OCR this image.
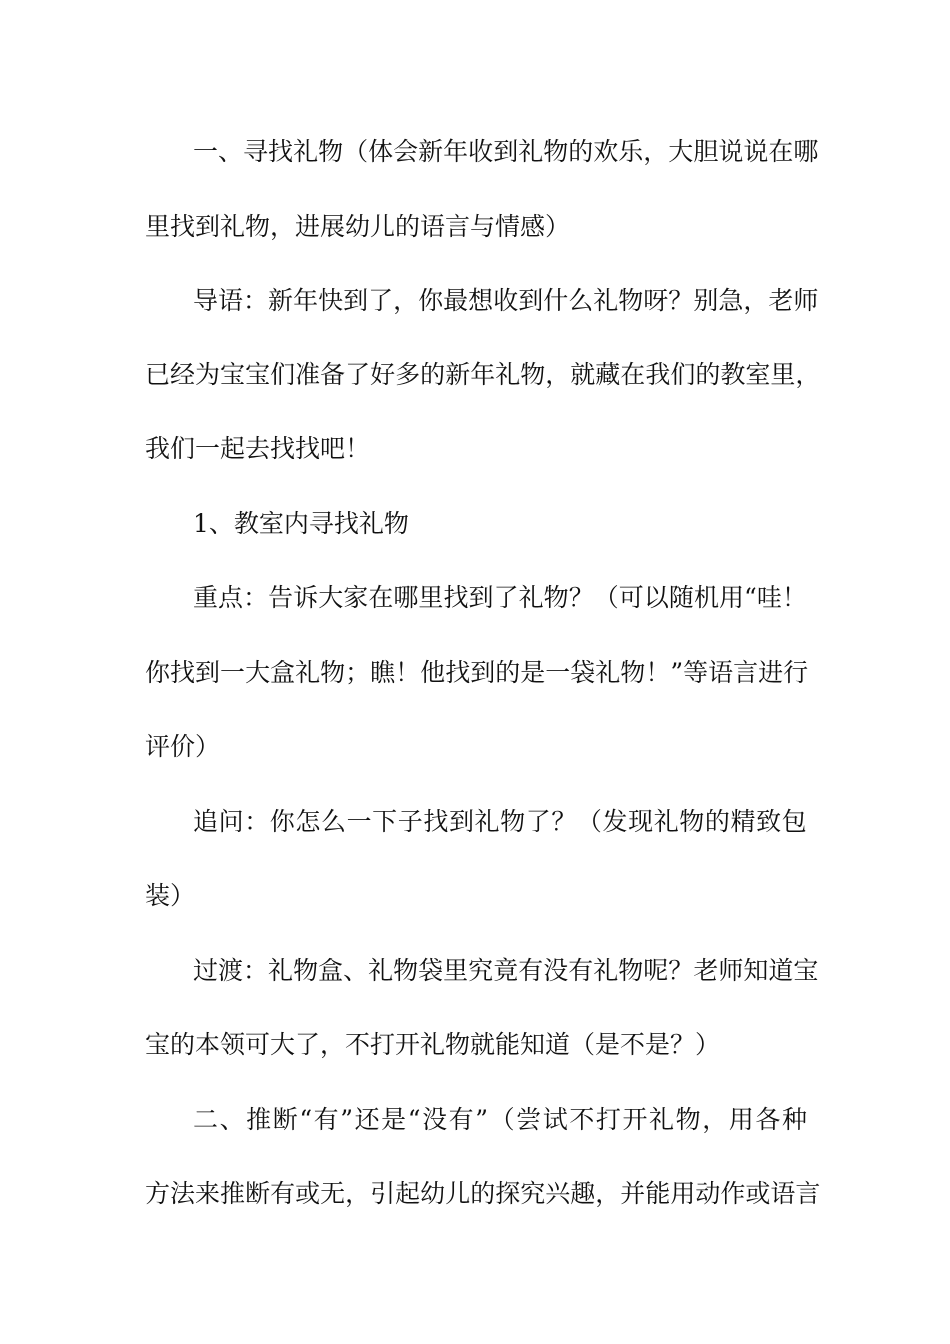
一 、 寻 找 礼 物 （ 体 会 新 年 收 到 礼 物 的 欢 乐 ， 大 胆 说 说 在 哪
里找到礼物，进展幼儿的语言与情感）
导 语 ： 新 年 快 到 了 ， 你 最 想 收 到 什 么 礼 物 呀 ？ 别 急 ， 老 师
已 经 为 宝 宝 们 准 备 了 好 多 的 新 年 礼 物 ， 就 藏 在 我 们 的 教 室 里 ，
我们一起去找找吧！
1、教室内寻找礼物
重 点 ： 告 诉 大 家 在 哪 里 找 到 了 礼 物 ？ （ 可 以 随 机 用 “ 哇 ！
你 找 到 一 大 盒 礼 物 ； 瞧 ！ 他 找 到 的 是 一 袋 礼 物 ！ ” 等 语 言 进 行
评价）
追 问 ： 你 怎 么 一 下 子 找 到 礼 物 了 ？ （ 发 现 礼 物 的 精 致 包
装）
过 渡 ： 礼 物 盒 、 礼 物 袋 里 究 竟 有 没 有 礼 物 呢 ？ 老 师 知 道 宝
宝的本领可大了，不打开礼物就能知道（是不是？）
二 、 推 断 “ 有 ” 还 是 “ 没 有 ” （ 尝 试 不 打 开 礼 物 ， 用 各 种
方 法 来 推 断 有 或 无 ， 引 起 幼 儿 的 探 究 兴 趣 ， 并 能 用 动 作 或 语 言
